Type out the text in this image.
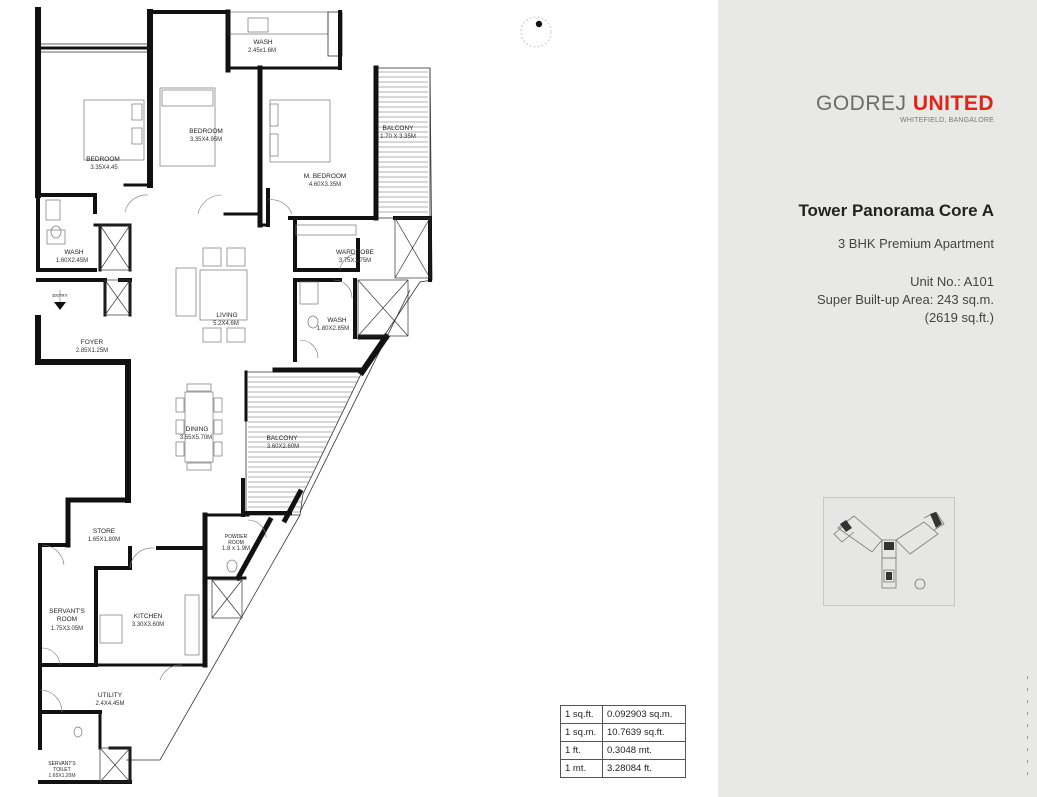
WASH
2.45x1.6M
BEDROOM
3.35X4.45
BEDROOM
3.35X4.95M
M. BEDROOM
4.60X3.35M
BALCONY
1.70 X 3.35M
WASH
1.60X2.45M
WARDROBE
3.75X1.75M
ENTRY
LIVING
5.2X4.6M	WASH
1.80X2.85M
FOYER
2.85X1.25M
DINING
3.55X5.70M	BALCONY
3.60X2.60M
STORE
1.65X1.80M	POWDER
ROOM
1.8 x 1.9M
SERVANT'S
ROOM
1.75X3.05M
KITCHEN
3.30X3.60M
UTILITY
2.4X4.45M
SERVANT'S
TOILET
1.65X1.20M
1 sq.ft.	0.092903 sq.m.
1 sq.m.	10.7639 sq.ft.
1 ft.	0.3048 mt.
1 mt.	3.28084 ft.
GODREJ UNITED
WHITEFIELD, BANGALORE
Tower Panorama Core A
3 BHK Premium Apartment
Unit No.: A101
Super Built-up Area: 243 sq.m.
(2619 sq.ft.)
